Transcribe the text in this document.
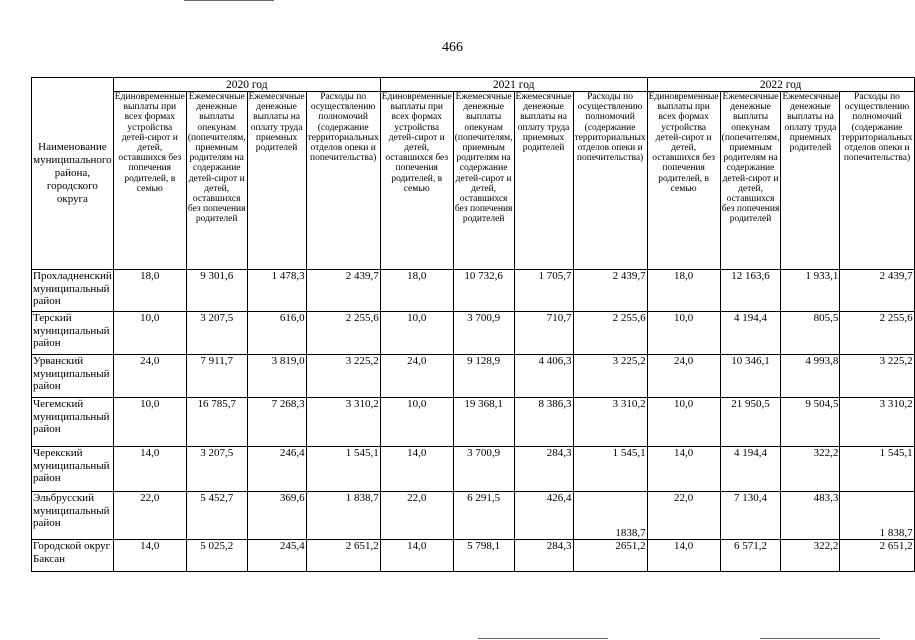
466
Наименование муниципального района, городского округа	2020 год				2021 год				2022 год			
	Единовременные выплаты при всех формах устройства детей-сирот и детей, оставшихся без попечения родителей, в семью	Ежемесячные денежные выплаты опекунам (попечителям, приемным родителям на содержание детей-сирот и детей, оставшихся без попечения родителей	Ежемесячные денежные выплаты на оплату труда приемных родителей	Расходы по осуществлению полномочий (содержание территориальных отделов опеки и попечительства)	Единовременные выплаты при всех формах устройства детей-сирот и детей, оставшихся без попечения родителей, в семью	Ежемесячные денежные выплаты опекунам (попечителям, приемным родителям на содержание детей-сирот и детей, оставшихся без попечения родителей	Ежемесячные денежные выплаты на оплату труда приемных родителей	Расходы по осуществлению полномочий (содержание территориальных отделов опеки и попечительства)	Единовременные выплаты при всех формах устройства детей-сирот и детей, оставшихся без попечения родителей, в семью	Ежемесячные денежные выплаты опекунам (попечителям, приемным родителям на содержание детей-сирот и детей, оставшихся без попечения родителей	Ежемесячные денежные выплаты на оплату труда приемных родителей	Расходы по осуществлению полномочий (содержание территориальных отделов опеки и попечительства)
Прохладненский муниципальный район	18,0	9 301,6	1 478,3	2 439,7	18,0	10 732,6	1 705,7	2 439,7	18,0	12 163,6	1 933,1	2 439,7
Терский муниципальный район	10,0	3 207,5	616,0	2 255,6	10,0	3 700,9	710,7	2 255,6	10,0	4 194,4	805,5	2 255,6
Урванский муниципальный район	24,0	7 911,7	3 819,0	3 225,2	24,0	9 128,9	4 406,3	3 225,2	24,0	10 346,1	4 993,8	3 225,2
Чегемский муниципальный район	10,0	16 785,7	7 268,3	3 310,2	10,0	19 368,1	8 386,3	3 310,2	10,0	21 950,5	9 504,5	3 310,2
Черекский муниципальный район	14,0	3 207,5	246,4	1 545,1	14,0	3 700,9	284,3	1 545,1	14,0	4 194,4	322,2	1 545,1
Эльбрусский муниципальный район	22,0	5 452,7	369,6	1 838,7	22,0	6 291,5	426,4	1838,7	22,0	7 130,4	483,3	1 838,7
Городской округ Баксан	14,0	5 025,2	245,4	2 651,2	14,0	5 798,1	284,3	2651,2	14,0	6 571,2	322,2	2 651,2
